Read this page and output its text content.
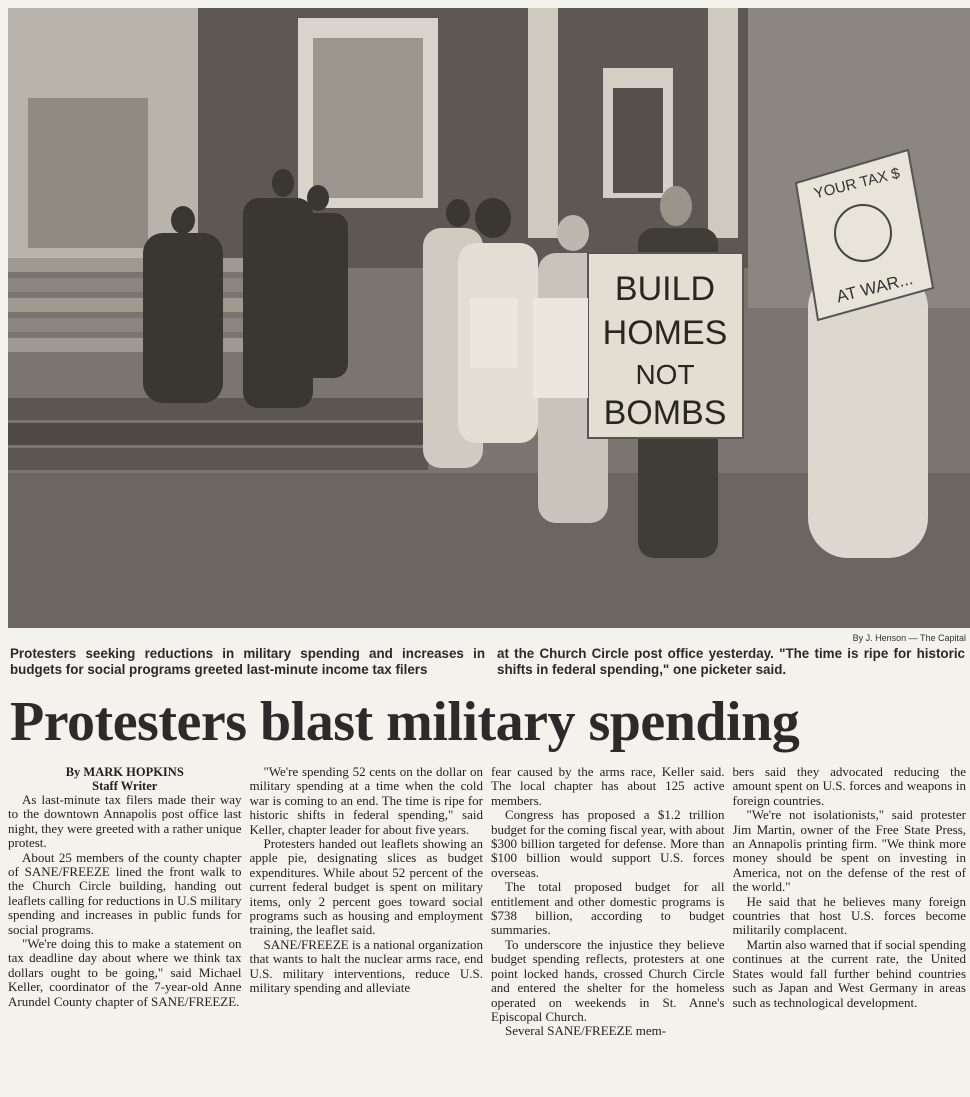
BUILD
HOMES
NOT
BOMBS
YOUR TAX $
AT WAR...
By J. Henson — The Capital
Protesters seeking reductions in military spending and increases in budgets for social programs greeted last-minute income tax filers
at the Church Circle post office yesterday. "The time is ripe for historic shifts in federal spending," one picketer said.
Protesters blast military spending
By MARK HOPKINS
Staff Writer

As last-minute tax filers made their way to the downtown Annapolis post office last night, they were greeted with a rather unique protest.

About 25 members of the county chapter of SANE/FREEZE lined the front walk to the Church Circle building, handing out leaflets calling for reductions in U.S military spending and increases in public funds for social programs.

"We're doing this to make a statement on tax deadline day about where we think tax dollars ought to be going," said Michael Keller, coordinator of the 7-year-old Anne Arundel County chapter of SANE/FREEZE.

"We're spending 52 cents on the dollar on military spending at a time when the cold war is coming to an end. The time is ripe for historic shifts in federal spending," said Keller, chapter leader for about five years.

Protesters handed out leaflets showing an apple pie, designating slices as budget expenditures. While about 52 percent of the current federal budget is spent on military items, only 2 percent goes toward social programs such as housing and employment training, the leaflet said.

SANE/FREEZE is a national organization that wants to halt the nuclear arms race, end U.S. military interventions, reduce U.S. military spending and alleviate

fear caused by the arms race, Keller said. The local chapter has about 125 active members.

Congress has proposed a $1.2 trillion budget for the coming fiscal year, with about $300 billion targeted for defense. More than $100 billion would support U.S. forces overseas.

The total proposed budget for all entitlement and other domestic programs is $738 billion, according to budget summaries.

To underscore the injustice they believe budget spending reflects, protesters at one point locked hands, crossed Church Circle and entered the shelter for the homeless operated on weekends in St. Anne's Episcopal Church.

Several SANE/FREEZE mem-

bers said they advocated reducing the amount spent on U.S. forces and weapons in foreign countries.

"We're not isolationists," said protester Jim Martin, owner of the Free State Press, an Annapolis printing firm. "We think more money should be spent on investing in America, not on the defense of the rest of the world."

He said that he believes many foreign countries that host U.S. forces become militarily complacent.

Martin also warned that if social spending continues at the current rate, the United States would fall further behind countries such as Japan and West Germany in areas such as technological development.
